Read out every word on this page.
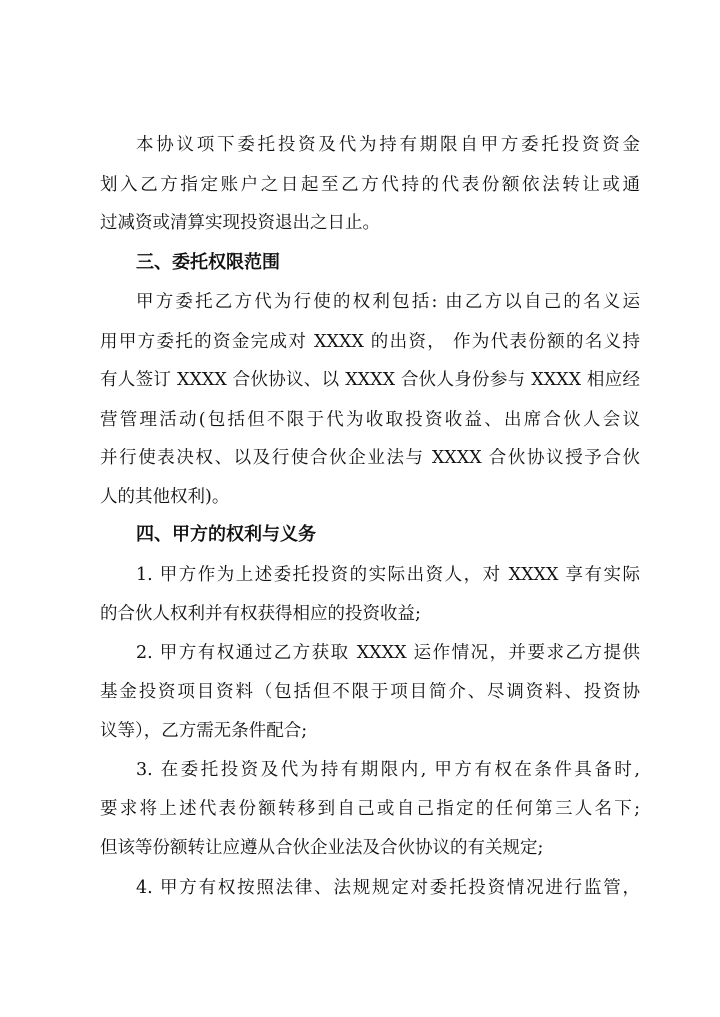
本协议项下委托投资及代为持有期限自甲方委托投资资金
划入乙方指定账户之日起至乙方代持的代表份额依法转让或通
过减资或清算实现投资退出之日止。
三、委托权限范围
甲方委托乙方代为行使的权利包括: 由乙方以自己的名义运
用甲方委托的资金完成对 XXXX 的出资， 作为代表份额的名义持
有人签订 XXXX 合伙协议、以 XXXX 合伙人身份参与 XXXX 相应经
营管理活动(包括但不限于代为收取投资收益、出席合伙人会议
并行使表决权、以及行使合伙企业法与 XXXX 合伙协议授予合伙
人的其他权利)。
四、甲方的权利与义务
1. 甲方作为上述委托投资的实际出资人，对 XXXX 享有实际
的合伙人权利并有权获得相应的投资收益;
2. 甲方有权通过乙方获取 XXXX 运作情况，并要求乙方提供
基金投资项目资料（包括但不限于项目简介、尽调资料、投资协
议等），乙方需无条件配合;
3. 在委托投资及代为持有期限内, 甲方有权在条件具备时,
要求将上述代表份额转移到自己或自己指定的任何第三人名下;
但该等份额转让应遵从合伙企业法及合伙协议的有关规定;
4. 甲方有权按照法律、法规规定对委托投资情况进行监管，
